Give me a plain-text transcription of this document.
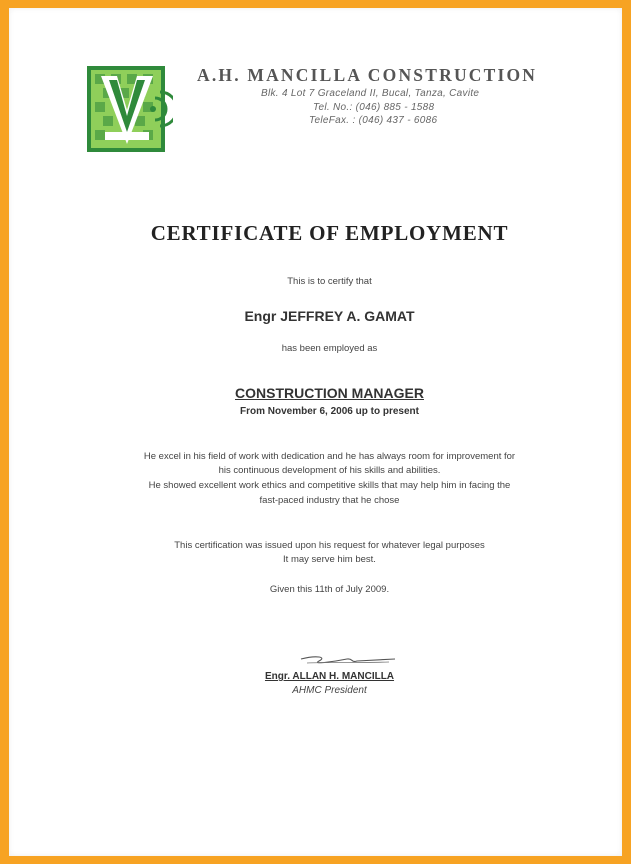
A.H. MANCILLA CONSTRUCTION
Blk. 4 Lot 7 Graceland II, Bucal, Tanza, Cavite
Tel. No.: (046) 885 - 1588
TeleFax. : (046) 437 - 6086
CERTIFICATE OF EMPLOYMENT
This is to certify that
Engr JEFFREY A. GAMAT
has been employed as
CONSTRUCTION MANAGER
From November 6, 2006 up to present
He excel in his field of work with dedication and he has always room for improvement for
his continuous development of his skills and abilities.
He showed excellent work ethics and competitive skills that may help him in facing the
fast-paced industry that he chose
This certification was issued upon his request for whatever legal purposes
It may serve him best.
Given this 11th of July 2009.
Engr. ALLAN H. MANCILLA
AHMC President
